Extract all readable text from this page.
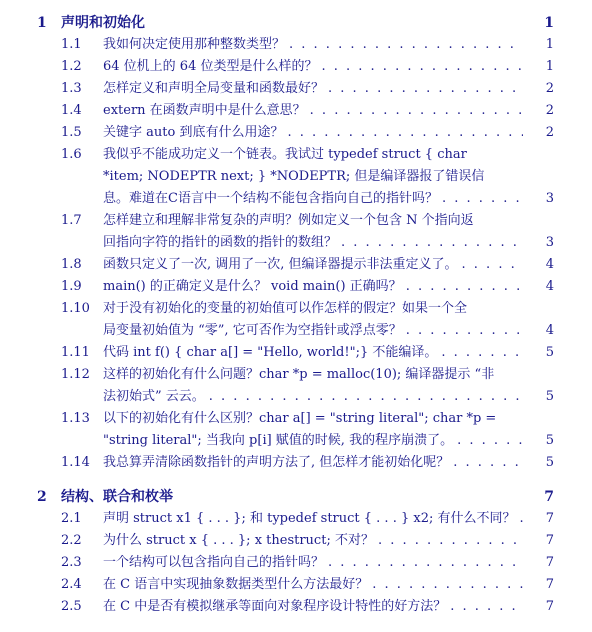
1 声明和初始化	1
1.1 我如何决定使用那种整数类型？ . . .	1
1.2 64 位机上的 64 位类型是什么样的？ . . .	1
1.3 怎样定义和声明全局变量和函数最好？ . . .	2
1.4 extern 在函数声明中是什么意思？ . . .	2
1.5 关键字 auto 到底有什么用途？ . . .	2
1.6 我似乎不能成功定义一个链表。我试过 typedef struct { char
*item; NODEPTR next; } *NODEPTR; 但是编译器报了错误信
息。难道在C语言中一个结构不能包含指向自己的指针吗？ . . .	3
1.7 怎样建立和理解非常复杂的声明？例如定义一个包含 N 个指向返
回指向字符的指针的函数的指针的数组？ . . .	3
1.8 函数只定义了一次, 调用了一次, 但编译器提示非法重定义了。 . . .	4
1.9 main() 的正确定义是什么？ void main() 正确吗？ . . .	4
1.10 对于没有初始化的变量的初始值可以作怎样的假定？如果一个全
局变量初始值为 “零”, 它可否作为空指针或浮点零？ . . .	4
1.11 代码 int f() { char a[] = "Hello, world!";} 不能编译。 . . .	5
1.12 这样的初始化有什么问题？char *p = malloc(10); 编译器提示 “非
法初始式” 云云。 . . .	5
1.13 以下的初始化有什么区别？char a[] = "string literal"; char *p =
"string literal"; 当我向 p[i] 赋值的时候, 我的程序崩溃了。 . . .	5
1.14 我总算弄清除函数指针的声明方法了, 但怎样才能初始化呢？ . . .	5
2 结构、联合和枚举	7
2.1 声明 struct x1 { . . . }; 和 typedef struct { . . . } x2; 有什么不同？ . . .	7
2.2 为什么 struct x { . . . }; x thestruct; 不对？ . . .	7
2.3 一个结构可以包含指向自己的指针吗？ . . .	7
2.4 在 C 语言中实现抽象数据类型什么方法最好？ . . .	7
2.5 在 C 中是否有模拟继承等面向对象程序设计特性的好方法？ . . .	7
